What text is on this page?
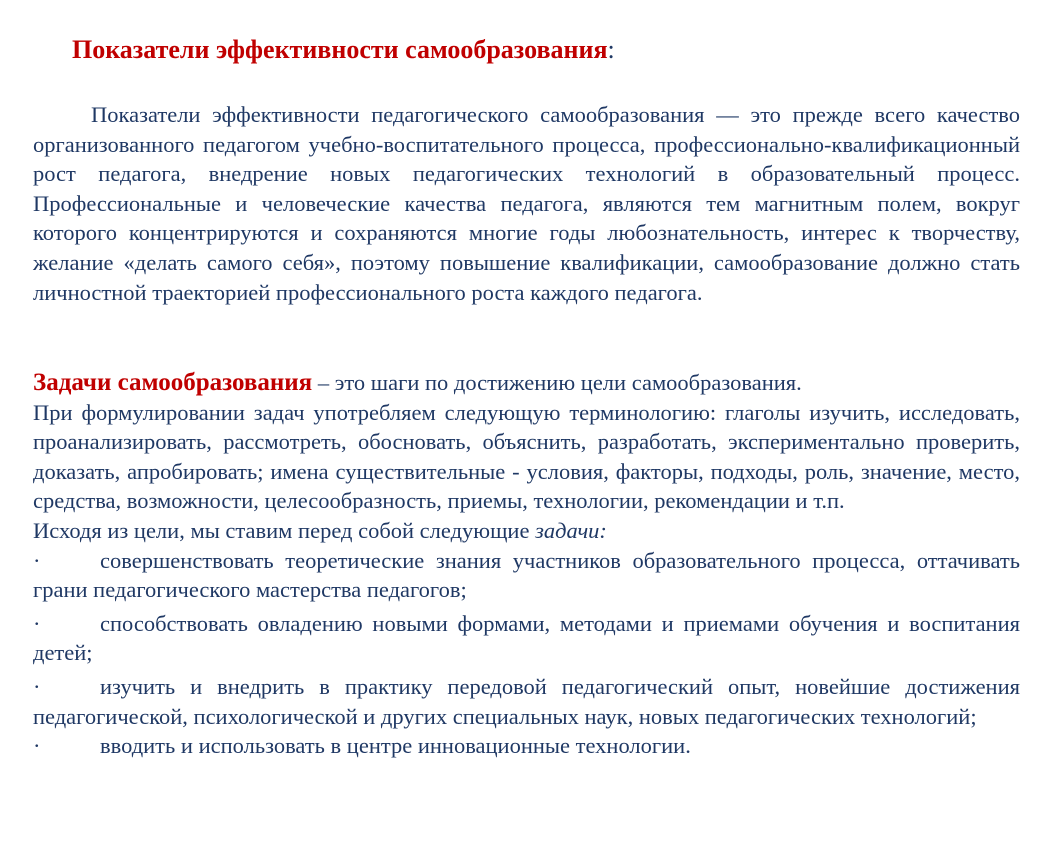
Показатели эффективности самообразования:

Показатели эффективности педагогического самообразования — это прежде всего качество организованного педагогом учебно-воспитательного процесса, профессионально-квалификационный рост педагога, внедрение новых педагогических технологий в образовательный процесс. Профессиональные и человеческие качества педагога, являются тем магнитным полем, вокруг которого концентрируются и сохраняются многие годы любознательность, интерес к творчеству, желание «делать самого себя», поэтому повышение квалификации, самообразование должно стать личностной траекторией профессионального роста каждого педагога.

Задачи самообразования – это шаги по достижению цели самообразования.

При формулировании задач употребляем следующую терминологию: глаголы изучить, исследовать, проанализировать, рассмотреть, обосновать, объяснить, разработать, экспериментально проверить, доказать, апробировать; имена существительные - условия, факторы, подходы, роль, значение, место, средства, возможности, целесообразность, приемы, технологии, рекомендации и т.п.

Исходя из цели, мы ставим перед собой следующие задачи:

·	совершенствовать теоретические знания участников образовательного процесса, оттачивать грани педагогического мастерства педагогов;

·	способствовать овладению новыми формами, методами и приемами обучения и воспитания детей;

·	изучить и внедрить в практику передовой педагогический опыт, новейшие достижения педагогической, психологической и других специальных наук, новых педагогических технологий;

·	вводить и использовать в центре инновационные технологии.
